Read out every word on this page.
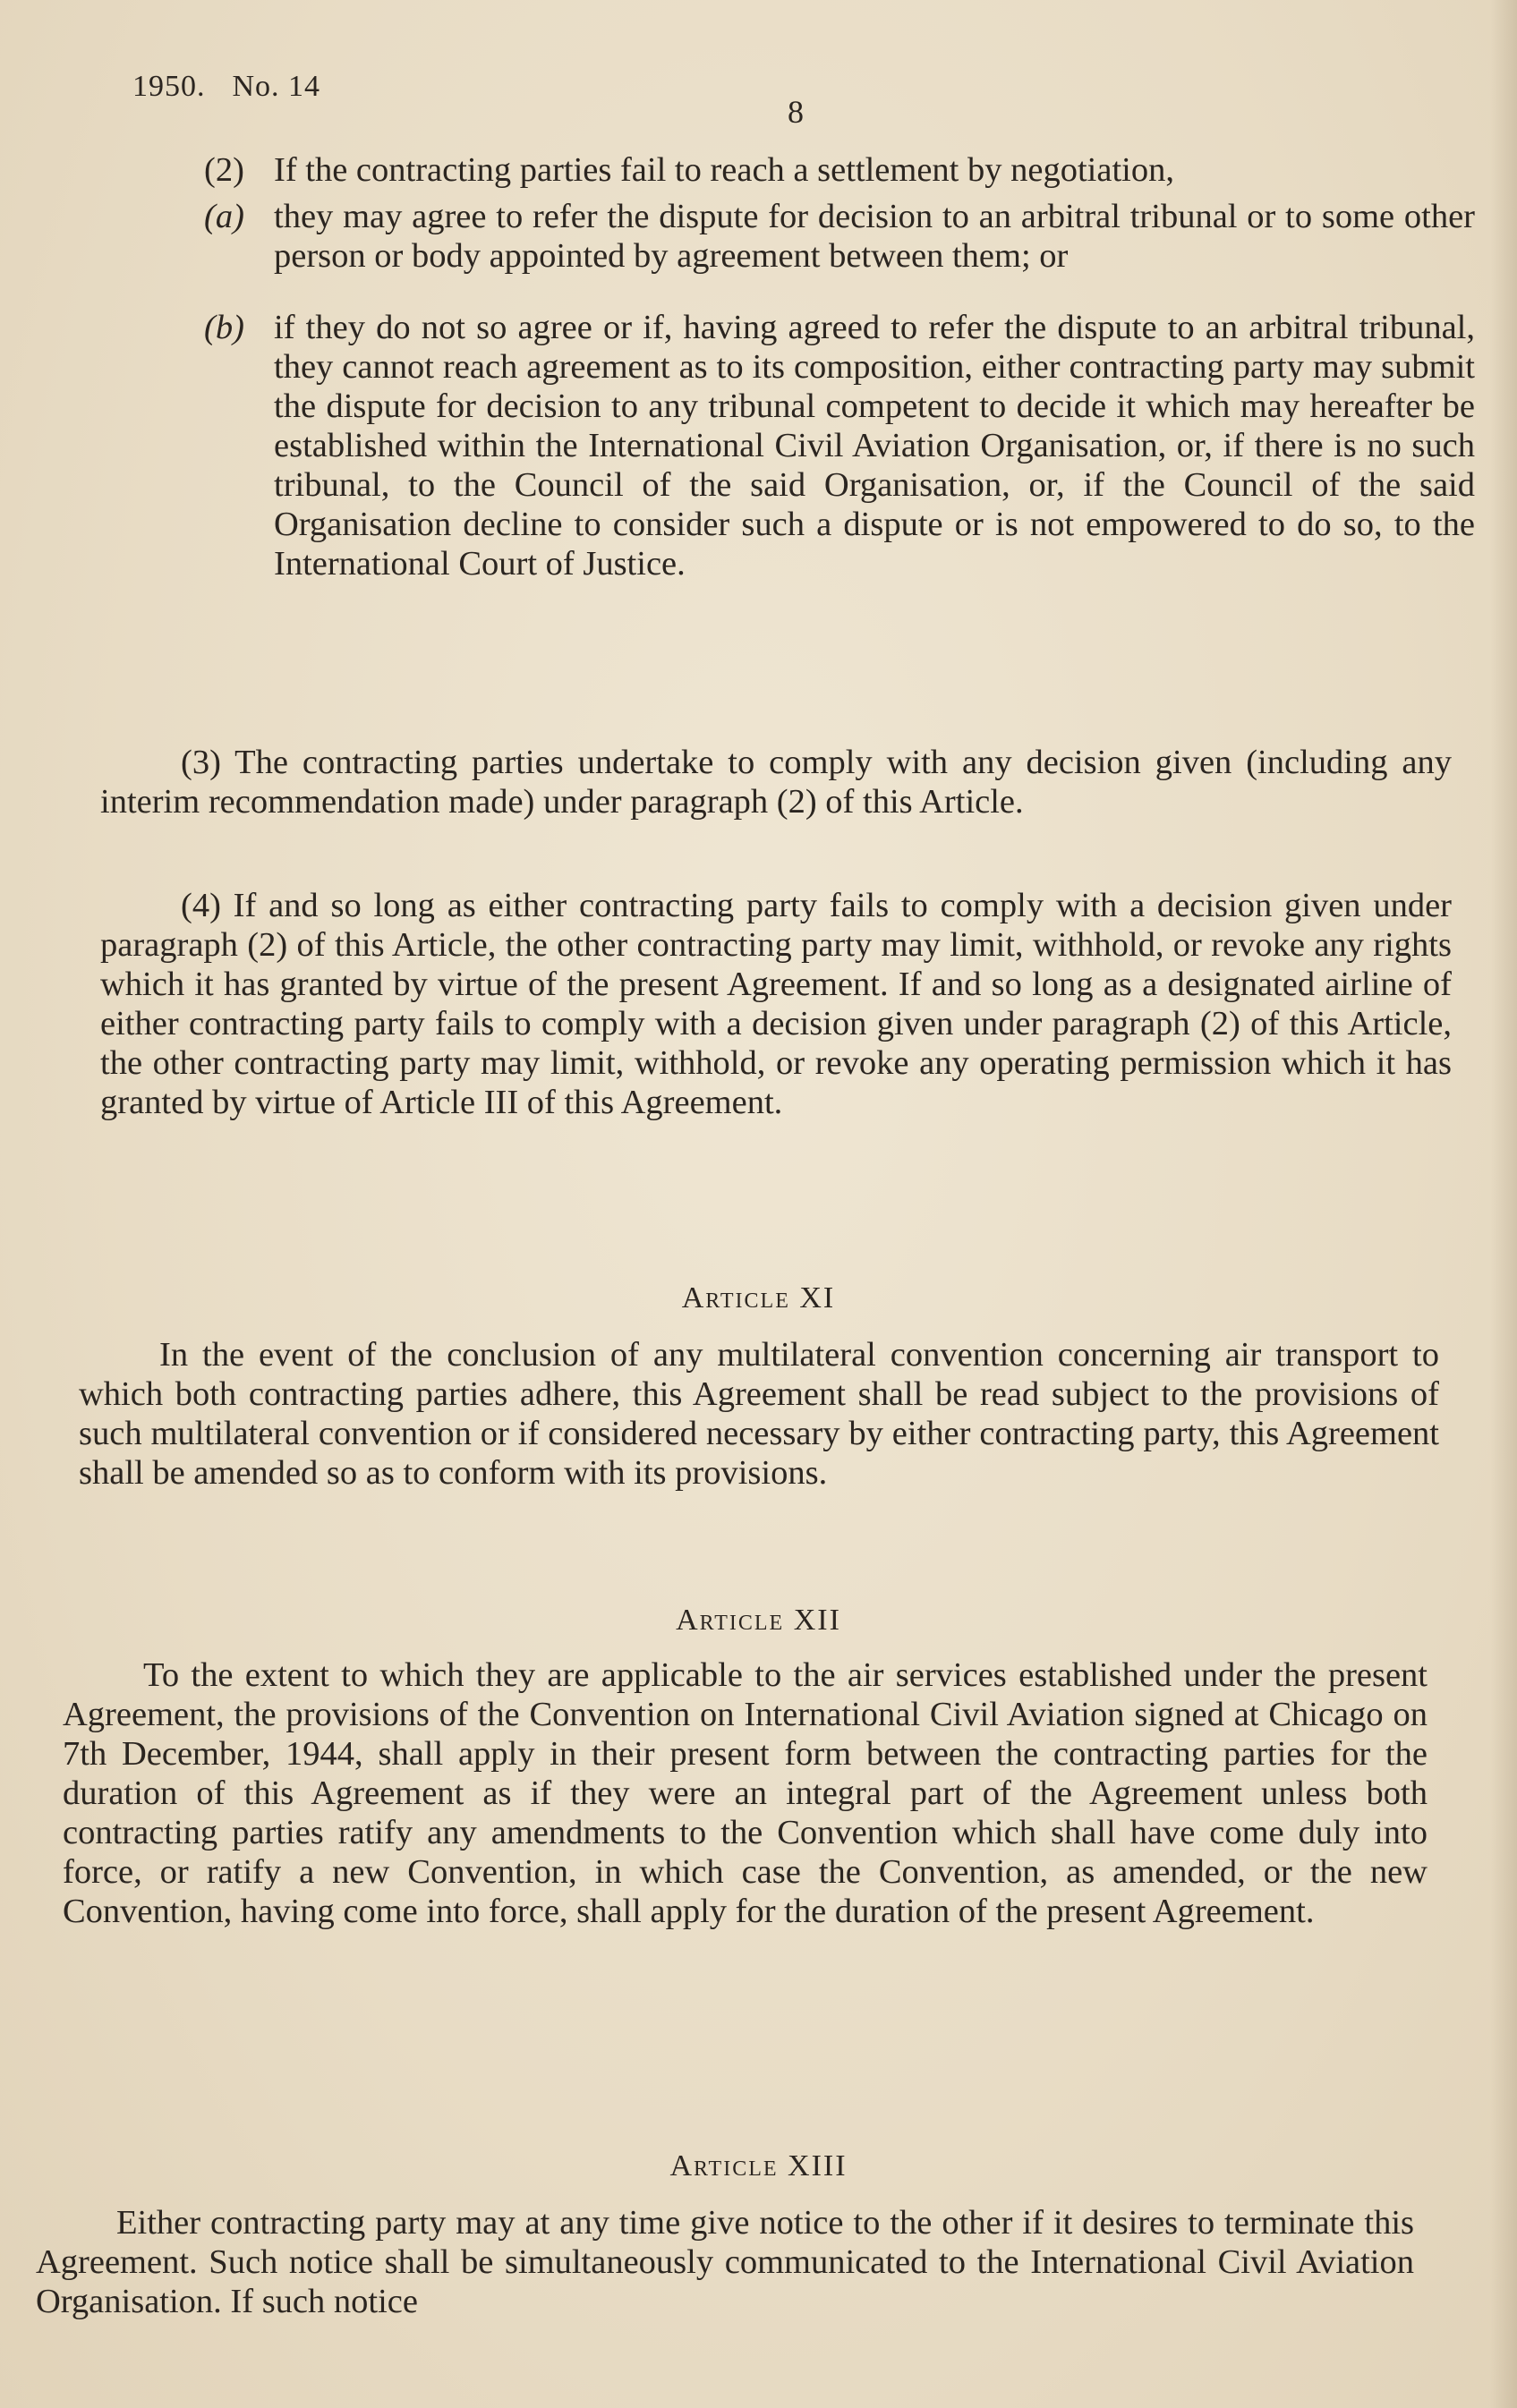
1950. No. 14
8
(2) If the contracting parties fail to reach a settlement by negotiation,
(a) they may agree to refer the dispute for decision to an arbitral tribunal or to some other person or body appointed by agreement between them; or
(b) if they do not so agree or if, having agreed to refer the dispute to an arbitral tribunal, they cannot reach agreement as to its composition, either contracting party may submit the dispute for decision to any tribunal competent to decide it which may hereafter be established within the International Civil Aviation Organisation, or, if there is no such tribunal, to the Council of the said Organisation, or, if the Council of the said Organisation decline to consider such a dispute or is not empowered to do so, to the International Court of Justice.

(3) The contracting parties undertake to comply with any decision given (including any interim recommendation made) under paragraph (2) of this Article.

(4) If and so long as either contracting party fails to comply with a decision given under paragraph (2) of this Article, the other contracting party may limit, withhold, or revoke any rights which it has granted by virtue of the present Agreement. If and so long as a designated airline of either contracting party fails to comply with a decision given under paragraph (2) of this Article, the other contracting party may limit, withhold, or revoke any operating permission which it has granted by virtue of Article III of this Agreement.

Article XI

In the event of the conclusion of any multilateral convention concerning air transport to which both contracting parties adhere, this Agreement shall be read subject to the provisions of such multilateral convention or if considered necessary by either contracting party, this Agreement shall be amended so as to conform with its provisions.

Article XII

To the extent to which they are applicable to the air services established under the present Agreement, the provisions of the Convention on International Civil Aviation signed at Chicago on 7th December, 1944, shall apply in their present form between the contracting parties for the duration of this Agreement as if they were an integral part of the Agreement unless both contracting parties ratify any amendments to the Convention which shall have come duly into force, or ratify a new Convention, in which case the Convention, as amended, or the new Convention, having come into force, shall apply for the duration of the present Agreement.

Article XIII

Either contracting party may at any time give notice to the other if it desires to terminate this Agreement. Such notice shall be simultaneously communicated to the International Civil Aviation Organisation. If such notice
